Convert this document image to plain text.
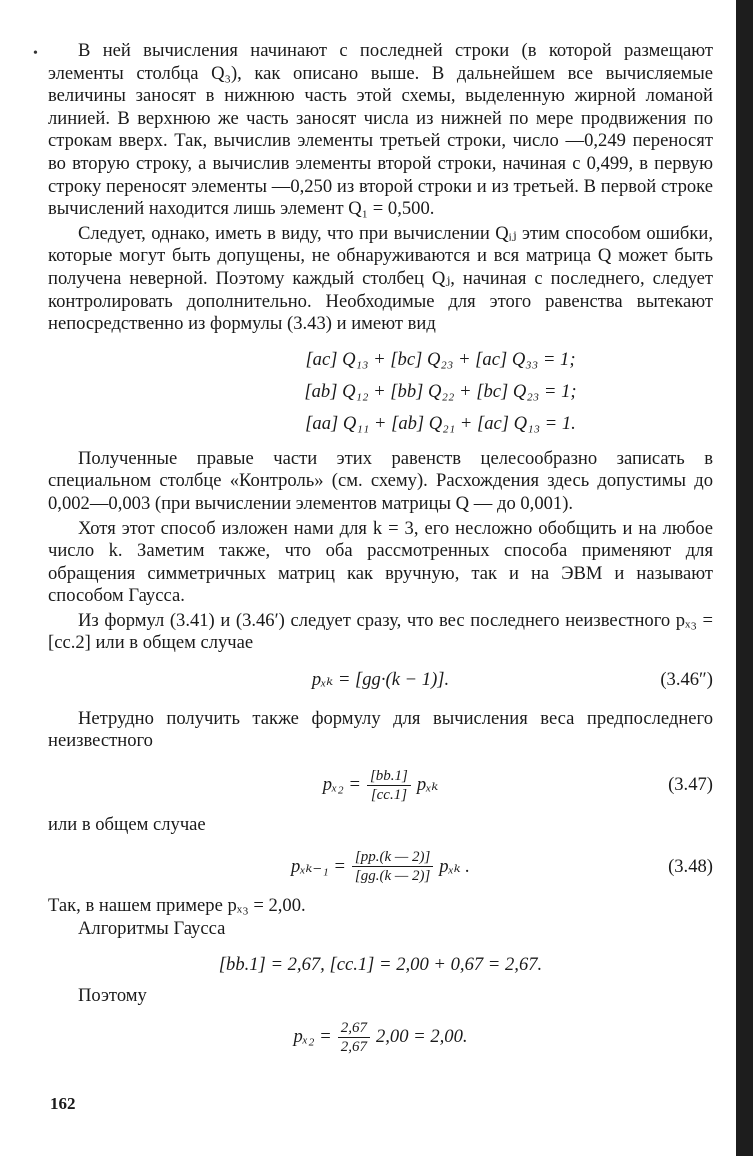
•	В ней вычисления начинают с последней строки (в которой размещают элементы столбца Q₃), как описано выше. В дальнейшем все вычисляемые величины заносят в нижнюю часть этой схемы, выделенную жирной ломаной линией. В верхнюю же часть заносят числа из нижней по мере продвижения по строкам вверх. Так, вычислив элементы третьей строки, число —0,249 переносят во вторую строку, а вычислив элементы второй строки, начиная с 0,499, в первую строку переносят элементы —0,250 из второй строки и из третьей. В первой строке вычислений находится лишь элемент Q₁ = 0,500.

Следует, однако, иметь в виду, что при вычислении Qᵢⱼ этим способом ошибки, которые могут быть допущены, не обнаруживаются и вся матрица Q может быть получена неверной. Поэтому каждый столбец Qⱼ, начиная с последнего, следует контролировать дополнительно. Необходимые для этого равенства вытекают непосредственно из формулы (3.43) и имеют вид

[ac] Q₁₃ + [bc] Q₂₃ + [ac] Q₃₃ = 1;
[ab] Q₁₂ + [bb] Q₂₂ + [bc] Q₂₃ = 1;
[aa] Q₁₁ + [ab] Q₂₁ + [ac] Q₁₃ = 1.

Полученные правые части этих равенств целесообразно записать в специальном столбце «Контроль» (см. схему). Расхождения здесь допустимы до 0,002—0,003 (при вычислении элементов матрицы Q — до 0,001).

Хотя этот способ изложен нами для k = 3, его несложно обобщить и на любое число k. Заметим также, что оба рассмотренных способа применяют для обращения симметричных матриц как вручную, так и на ЭВМ и называют способом Гаусса.

Из формул (3.41) и (3.46′) следует сразу, что вес последнего неизвестного pₓ₃ = [cc.2] или в общем случае

pₓₖ = [gg·(k − 1)].	(3.46″)

Нетрудно получить также формулу для вычисления веса предпоследнего неизвестного

$p_{x2} = \frac{[bb.1]}{[cc.1]}$ pₓₖ	(3.47)

или в общем случае

$p_{xk-1} = \frac{[pp.(k — 2)]}{[gg.(k — 2)]}$ pₓₖ .	(3.48)

Так, в нашем примере pₓ₃ = 2,00.

Алгоритмы Гаусса

[bb.1] = 2,67, [cc.1] = 2,00 + 0,67 = 2,67.

Поэтому

$p_{x2} = \frac{2,67}{2,67} 2,00 = 2,00$.
162
